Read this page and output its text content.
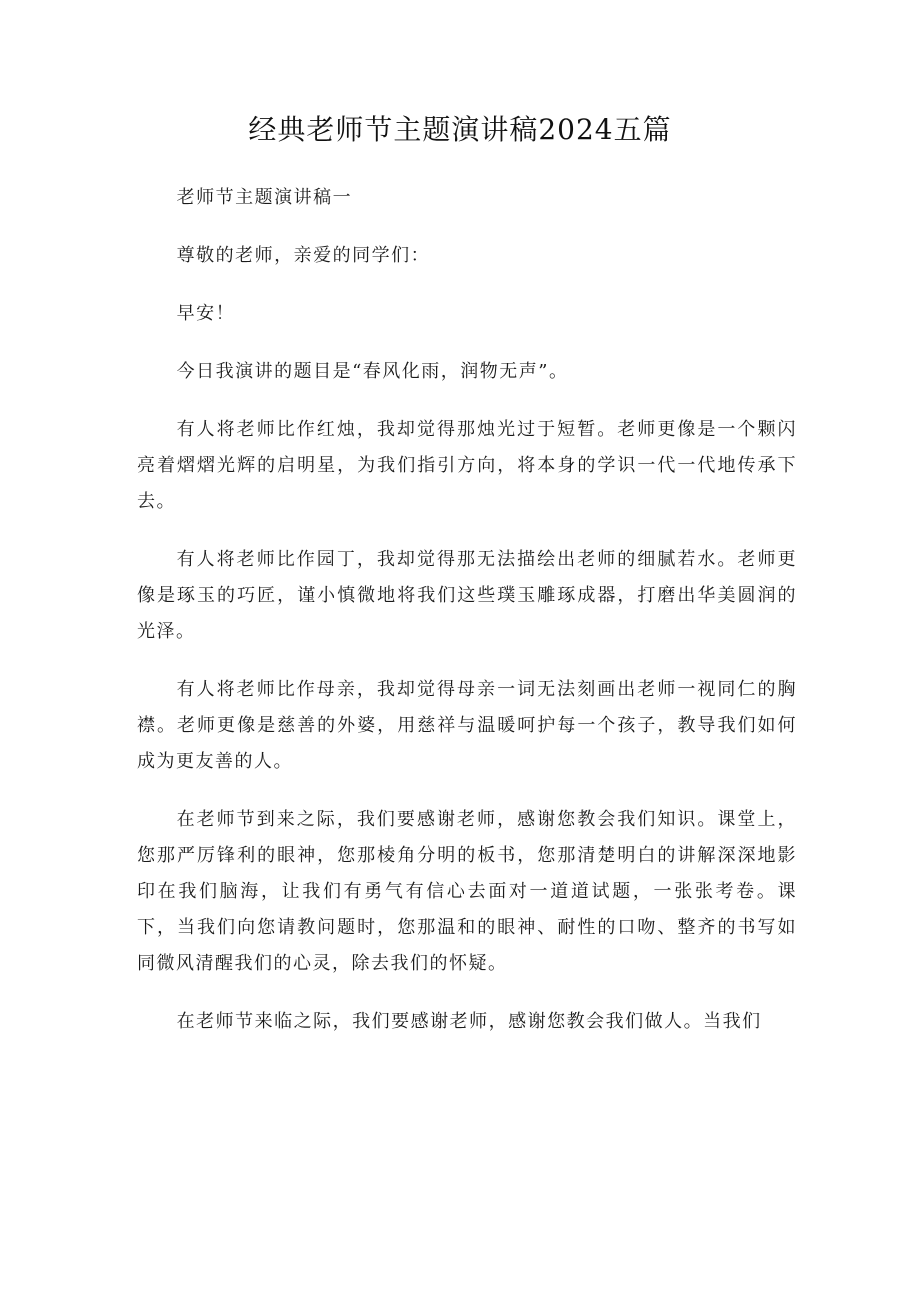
经典老师节主题演讲稿2024五篇

老师节主题演讲稿一

尊敬的老师，亲爱的同学们：

早安！

今日我演讲的题目是“春风化雨，润物无声”。

有人将老师比作红烛，我却觉得那烛光过于短暂。老师更像是一个颗闪亮着熠熠光辉的启明星，为我们指引方向，将本身的学识一代一代地传承下去。

有人将老师比作园丁，我却觉得那无法描绘出老师的细腻若水。老师更像是琢玉的巧匠，谨小慎微地将我们这些璞玉雕琢成器，打磨出华美圆润的光泽。

有人将老师比作母亲，我却觉得母亲一词无法刻画出老师一视同仁的胸襟。老师更像是慈善的外婆，用慈祥与温暖呵护每一个孩子，教导我们如何成为更友善的人。

在老师节到来之际，我们要感谢老师，感谢您教会我们知识。课堂上，您那严厉锋利的眼神，您那棱角分明的板书，您那清楚明白的讲解深深地影印在我们脑海，让我们有勇气有信心去面对一道道试题，一张张考卷。课下，当我们向您请教问题时，您那温和的眼神、耐性的口吻、整齐的书写如同微风清醒我们的心灵，除去我们的怀疑。

在老师节来临之际，我们要感谢老师，感谢您教会我们做人。当我们
